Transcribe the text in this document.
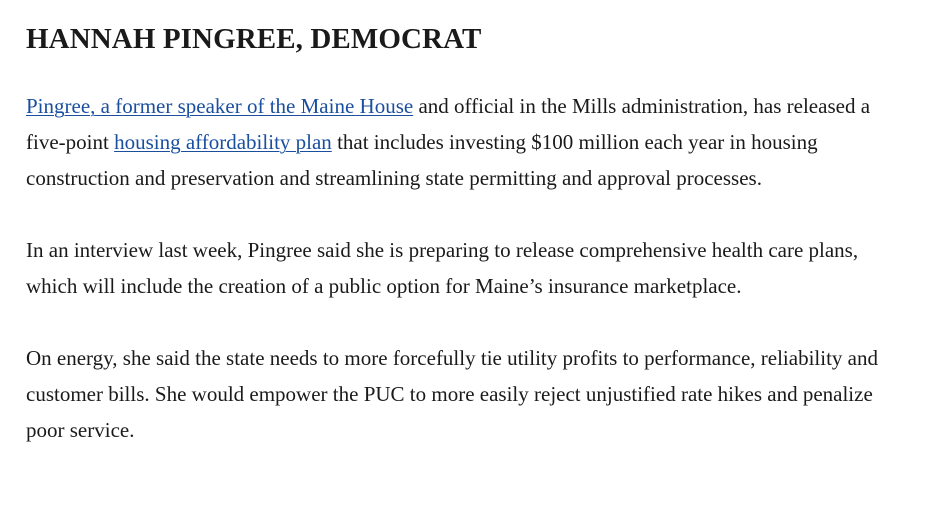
HANNAH PINGREE, DEMOCRAT

Pingree, a former speaker of the Maine House and official in the Mills administration, has released a five-point housing affordability plan that includes investing $100 million each year in housing construction and preservation and streamlining state permitting and approval processes.

In an interview last week, Pingree said she is preparing to release comprehensive health care plans, which will include the creation of a public option for Maine’s insurance marketplace.

On energy, she said the state needs to more forcefully tie utility profits to performance, reliability and customer bills. She would empower the PUC to more easily reject unjustified rate hikes and penalize poor service.
